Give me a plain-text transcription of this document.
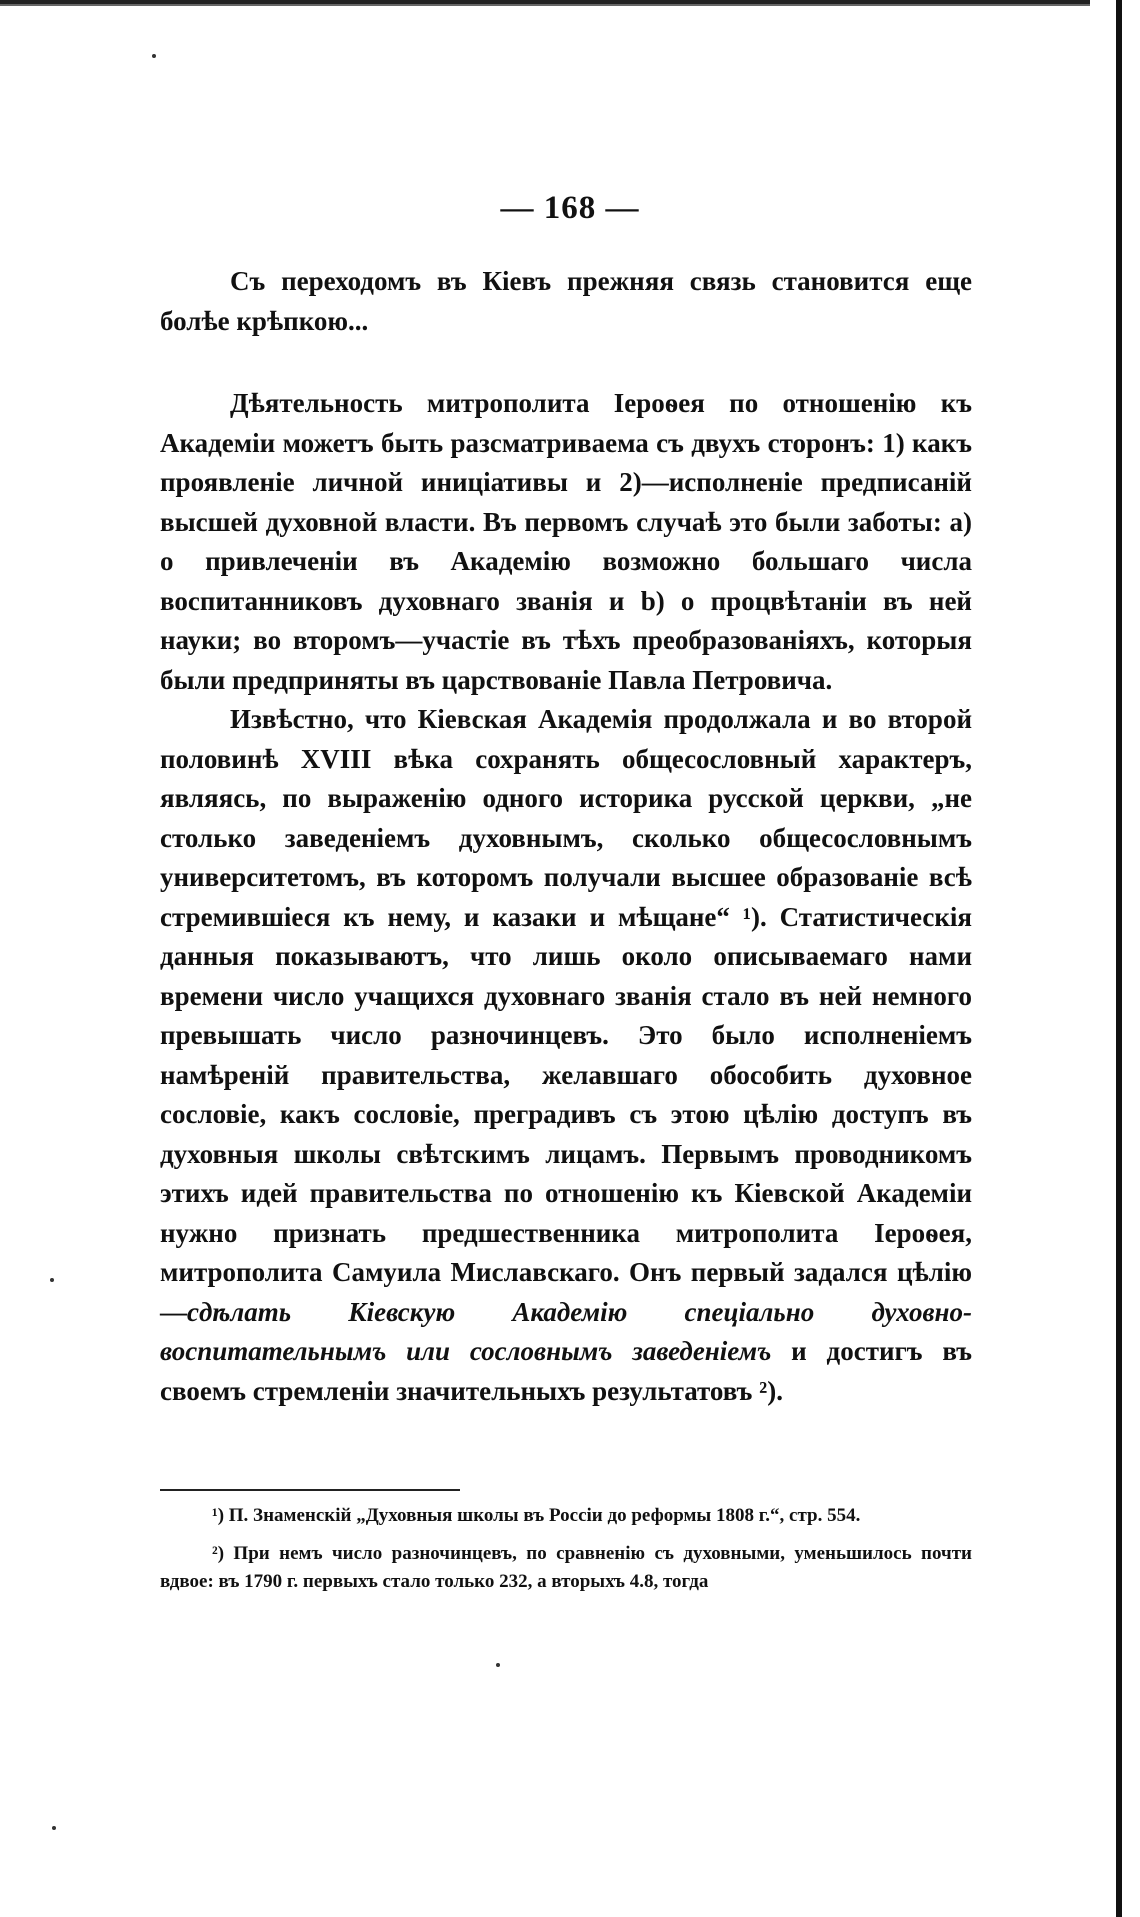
— 168 —

Съ переходомъ въ Кіевъ прежняя связь становится еще болѣе крѣпкою...

Дѣятельность митрополита Іероѳея по отношенію къ Академіи можетъ быть разсматриваема съ двухъ сторонъ: 1) какъ проявленіе личной иниціативы и 2)—исполненіе предписаній высшей духовной власти. Въ первомъ случаѣ это были заботы: а) о привлеченіи въ Академію возможно большаго числа воспитанниковъ духовнаго званія и b) о процвѣтаніи въ ней науки; во второмъ—участіе въ тѣхъ преобразованіяхъ, которыя были предприняты въ царствованіе Павла Петровича.

Извѣстно, что Кіевская Академія продолжала и во второй половинѣ XVIII вѣка сохранять общесословный характеръ, являясь, по выраженію одного историка русской церкви, „не столько заведеніемъ духовнымъ, сколько общесословнымъ университетомъ, въ которомъ получали высшее образованіе всѣ стремившіеся къ нему, и казаки и мѣщане“ ¹). Статистическія данныя показываютъ, что лишь около описываемаго нами времени число учащихся духовнаго званія стало въ ней немного превышать число разночинцевъ. Это было исполненіемъ намѣреній правительства, желавшаго обособить духовное сословіе, какъ сословіе, преградивъ съ этою цѣлію доступъ въ духовныя школы свѣтскимъ лицамъ. Первымъ проводникомъ этихъ идей правительства по отношенію къ Кіевской Академіи нужно признать предшественника митрополита Іероѳея, митрополита Самуила Миславскаго. Онъ первый задался цѣлію—сдѣлать Кіевскую Академію спеціально духовно-воспитательнымъ или сословнымъ заведеніемъ и достигъ въ своемъ стремленіи значительныхъ результатовъ ²).

¹) П. Знаменскій „Духовныя школы въ Россіи до реформы 1808 г.“, стр. 554.

²) При немъ число разночинцевъ, по сравненію съ духовными, уменьшилось почти вдвое: въ 1790 г. первыхъ стало только 232, а вторыхъ 4.8, тогда
